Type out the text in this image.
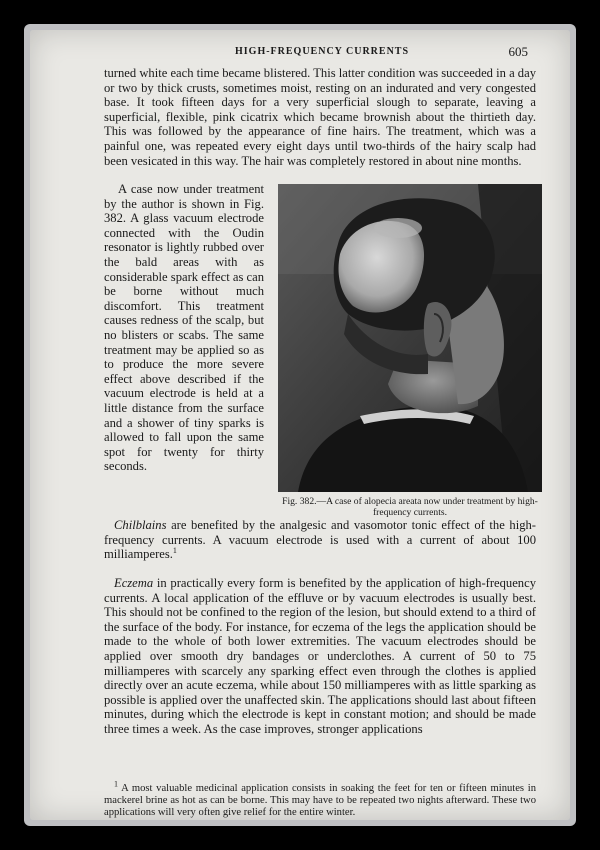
HIGH-FREQUENCY CURRENTS	605

turned white each time became blistered. This latter condition was succeeded in a day or two by thick crusts, sometimes moist, resting on an indurated and very congested base. It took fifteen days for a very superficial slough to separate, leaving a superficial, flexible, pink cicatrix which became brownish about the thirtieth day. This was followed by the appearance of fine hairs. The treatment, which was a painful one, was repeated every eight days until two-thirds of the hairy scalp had been vesicated in this way. The hair was completely restored in about nine months.

A case now under treatment by the author is shown in Fig. 382. A glass vacuum electrode connected with the Oudin resonator is lightly rubbed over the bald areas with as considerable spark effect as can be borne without much discomfort. This treatment causes redness of the scalp, but no blisters or scabs. The same treatment may be applied so as to produce the more severe effect above described if the vacuum electrode is held at a little distance from the surface and a shower of tiny sparks is allowed to fall upon the same spot for twenty for thirty seconds.

Fig. 382.—A case of alopecia areata now under treatment by high-frequency currents.

Chilblains are benefited by the analgesic and vasomotor tonic effect of the high-frequency currents. A vacuum electrode is used with a current of about 100 milliamperes.$^1$

Eczema in practically every form is benefited by the application of high-frequency currents. A local application of the effluve or by vacuum electrodes is usually best. This should not be confined to the region of the lesion, but should extend to a third of the surface of the body. For instance, for eczema of the legs the application should be made to the whole of both lower extremities. The vacuum electrodes should be applied over smooth dry bandages or underclothes. A current of 50 to 75 milliamperes with scarcely any sparking effect even through the clothes is applied directly over an acute eczema, while about 150 milliamperes with as little sparking as possible is applied over the unaffected skin. The applications should last about fifteen minutes, during which the electrode is kept in constant motion; and should be made three times a week. As the case improves, stronger applications

$^1$ A most valuable medicinal application consists in soaking the feet for ten or fifteen minutes in mackerel brine as hot as can be borne. This may have to be repeated two nights afterward. These two applications will very often give relief for the entire winter.
